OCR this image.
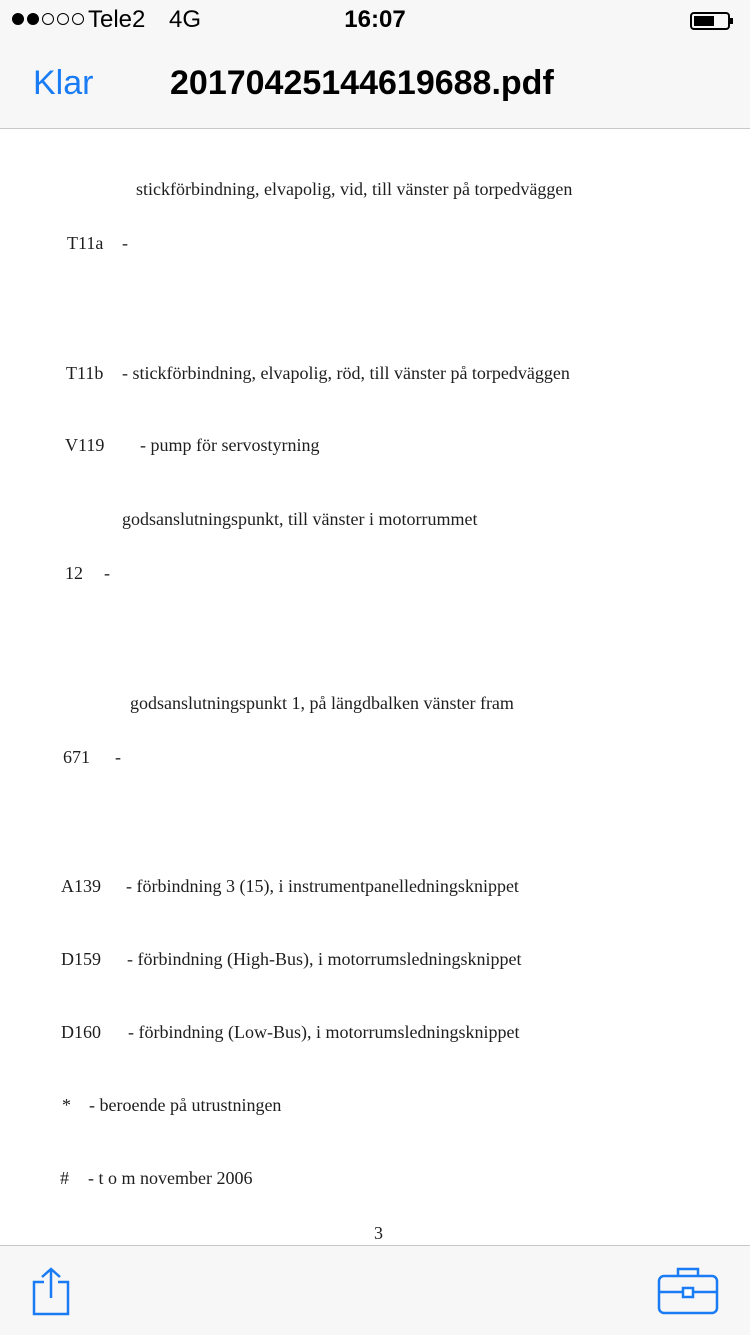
Tele2 4G	16:07
Klar 20170425144619688.pdf
stickförbindning, elvapolig, vid, till vänster på torpedväggen
T11a -
T11b - stickförbindning, elvapolig, röd, till vänster på torpedväggen
V119 - pump för servostyrning
godsanslutningspunkt, till vänster i motorrummet
12 -
godsanslutningspunkt 1, på längdbalken vänster fram
671 -
A139 - förbindning 3 (15), i instrumentpanelledningsknippet
D159 - förbindning (High-Bus), i motorrumsledningsknippet
D160 - förbindning (Low-Bus), i motorrumsledningsknippet
* - beroende på utrustningen
# - t o m november 2006
3
